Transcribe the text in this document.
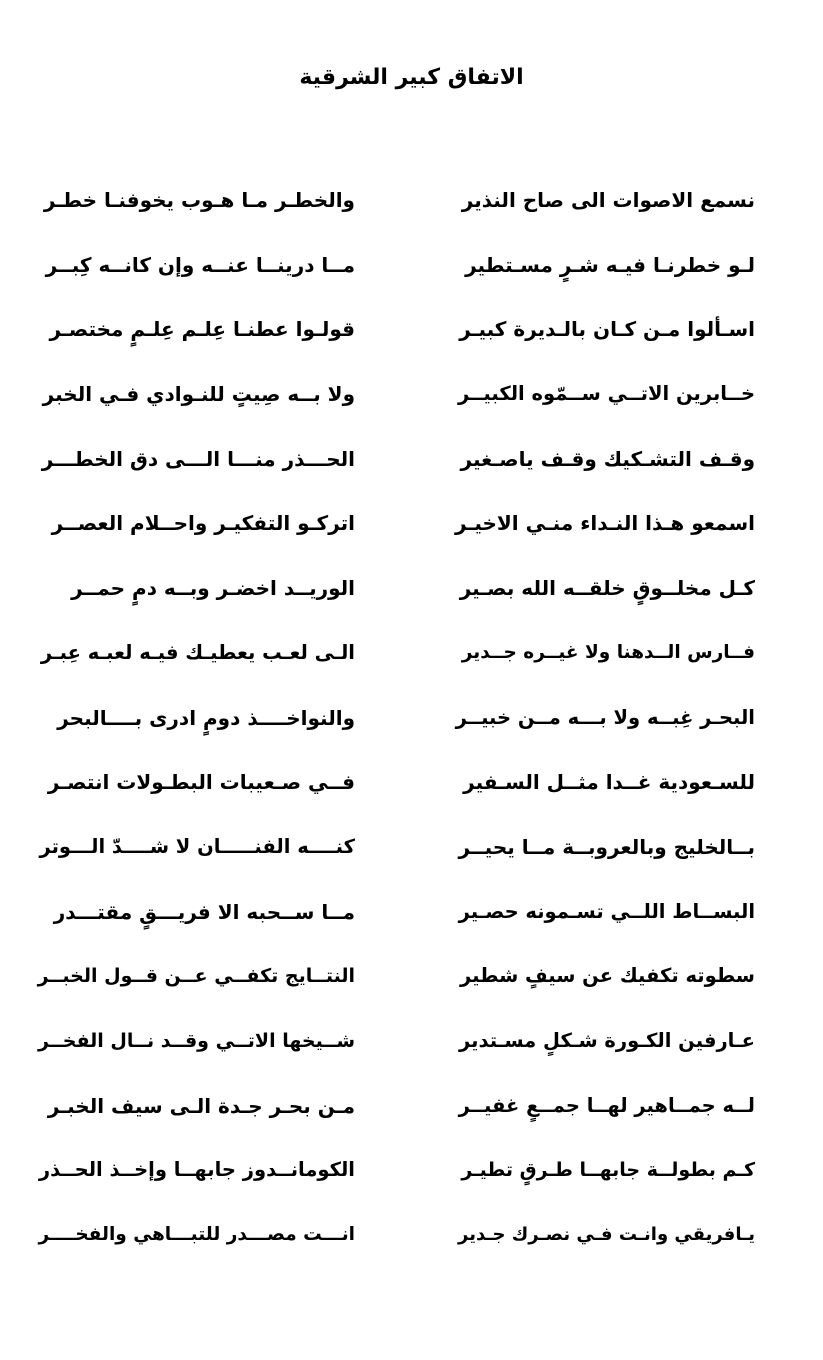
الاتفاق كبير الشرقية
نسمع الاصوات الى صاح النذير
والخطـر مـا هـوب يخوفنـا خطـر
لـو خطرنـا فيـه شـرٍ مسـتطير
مــا درينــا عنــه وإن كانــه كِبــر
اسـألوا مـن كـان بالـديرة كبيـر
قولـوا عطنـا عِلـم عِلـمٍ مختصـر
خــابرين الاتــي ســمّوه الكبيــر
ولا بــه صِيتٍ للنـوادي فـي الخبر
وقـف التشـكيك وقـف ياصـغير
الحـــذر منـــا الـــى دق الخطـــر
اسمعو هـذا النـداء منـي الاخيـر
اتركـو التفكيـر واحــلام العصــر
كـل مخلــوقٍ خلقــه الله بصـير
الوريــد اخضـر وبــه دمٍ حمــر
فــارس الــدهنا ولا غيــره جــدير
الـى لعـب يعطيـك فيـه لعبـه عِبـر
البحـر غِبــه ولا بـــه مــن خبيــر
والنواخــــذ دومٍ ادرى بــــالبحر
للسـعودية غــدا مثــل السـفير
فــي صـعيبات البطـولات انتصـر
بــالخليج وبالعروبــة مــا يحيــر
كنــــه الفنـــــان لا شــــدّ الـــوتر
البســاط اللــي تسـمونه حصـير
مــا ســحبه الا فريـــقٍ مقتـــدر
سطوته تكفيك عن سيفٍ شطير
النتــايج تكفــي عــن قــول الخبــر
عـارفين الكـورة شـكلٍ مسـتدير
شــيخها الاتــي وقــد نــال الفخــر
لــه جمــاهير لهــا جمــعٍ غفيــر
مـن بحـر جـدة الـى سيف الخبـر
كـم بطولــة جابهــا طـرقٍ تطيـر
الكومانــدوز جابهــا وإخــذ الحــذر
يـافريقي وانـت فـي نصـرك جـدير
انـــت مصـــدر للتبـــاهي والفخــــر
